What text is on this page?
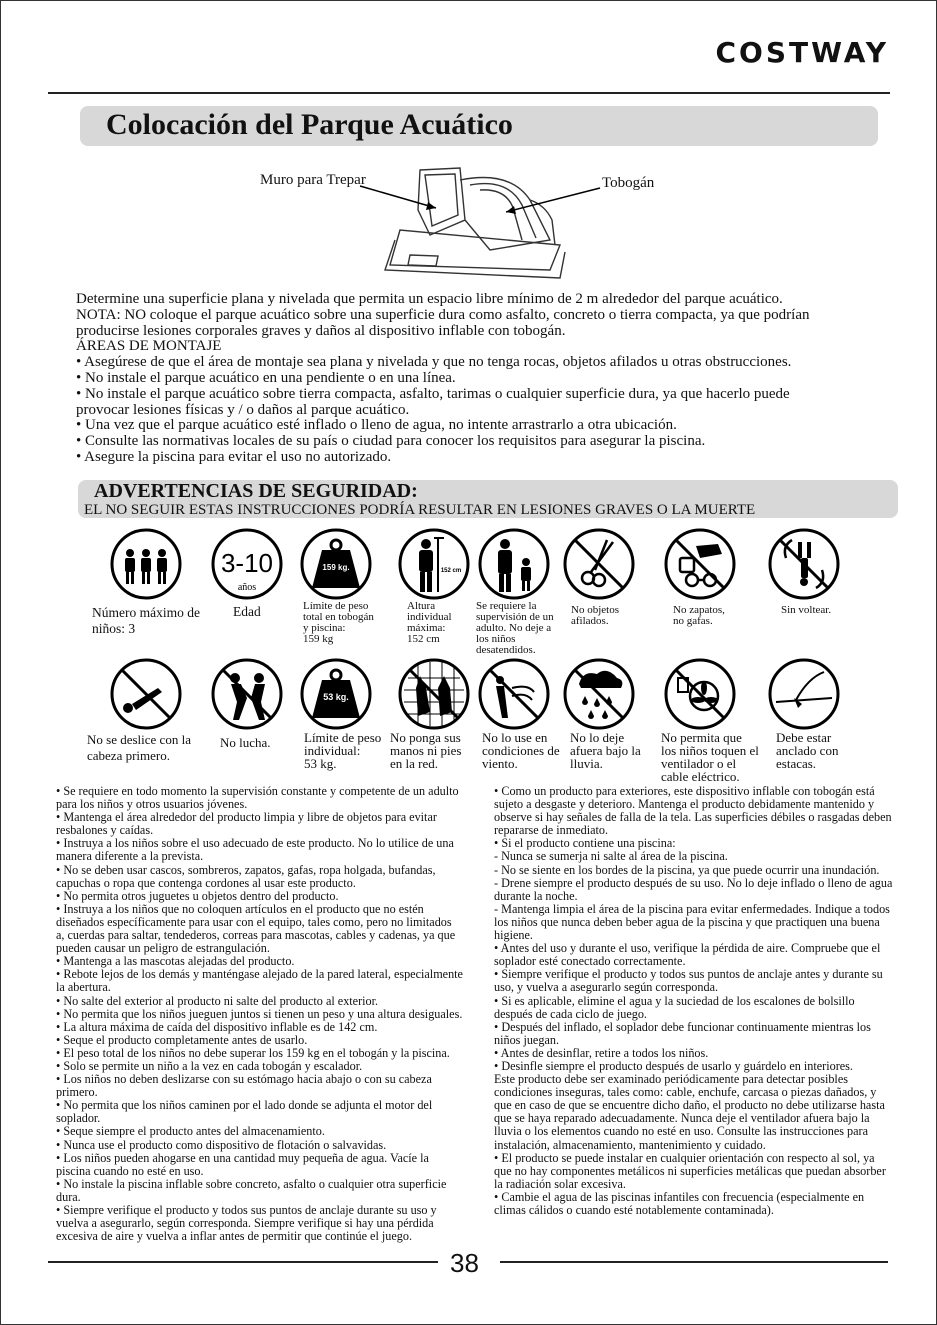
COSTWAY
Colocación del Parque Acuático
Muro para Trepar	Tobogán
Determine una superficie plana y nivelada que permita un espacio libre mínimo de 2 m alrededor del parque acuático.
NOTA: NO coloque el parque acuático sobre una superficie dura como asfalto, concreto o tierra compacta, ya que podrían
producirse lesiones corporales graves y daños al dispositivo inflable con tobogán.
ÁREAS DE MONTAJE
• Asegúrese de que el área de montaje sea plana y nivelada y que no tenga rocas, objetos afilados u otras obstrucciones.
• No instale el parque acuático en una pendiente o en una línea.
• No instale el parque acuático sobre tierra compacta, asfalto, tarimas o cualquier superficie dura, ya que hacerlo puede
provocar lesiones físicas y / o daños al parque acuático.
• Una vez que el parque acuático esté inflado o lleno de agua, no intente arrastrarlo a otra ubicación.
• Consulte las normativas locales de su país o ciudad para conocer los requisitos para asegurar la piscina.
• Asegure la piscina para evitar el uso no autorizado.
ADVERTENCIAS DE SEGURIDAD:
EL NO SEGUIR ESTAS INSTRUCCIONES PODRÍA RESULTAR EN LESIONES GRAVES O LA MUERTE
3-10
años
159 kg.	152 cm
Número máximo de
niños: 3
Edad	Límite de peso
total en tobogán
y piscina:
159 kg
Altura
individual
máxima:
152 cm
Se requiere la
supervisión de un
adulto. No deje a
los niños
desatendidos.
No objetos
afilados.
No zapatos,
no gafas.
Sin voltear.
53 kg.
No se deslice con la
cabeza primero.
No lucha.	Límite de peso
individual:
53 kg.
No ponga sus
manos ni pies
en la red.
No lo use en
condiciones de
viento.
No lo deje
afuera bajo la
lluvia.
No permita que
los niños toquen el
ventilador o el
cable eléctrico.
Debe estar
anclado con
estacas.
• Se requiere en todo momento la supervisión constante y competente de un adulto
para los niños y otros usuarios jóvenes.
• Mantenga el área alrededor del producto limpia y libre de objetos para evitar
resbalones y caídas.
• Instruya a los niños sobre el uso adecuado de este producto. No lo utilice de una
manera diferente a la prevista.
• No se deben usar cascos, sombreros, zapatos, gafas, ropa holgada, bufandas,
capuchas o ropa que contenga cordones al usar este producto.
• No permita otros juguetes u objetos dentro del producto.
• Instruya a los niños que no coloquen artículos en el producto que no estén
diseñados específicamente para usar con el equipo, tales como, pero no limitados
a, cuerdas para saltar, tendederos, correas para mascotas, cables y cadenas, ya que
pueden causar un peligro de estrangulación.
• Mantenga a las mascotas alejadas del producto.
• Rebote lejos de los demás y manténgase alejado de la pared lateral, especialmente
la abertura.
• No salte del exterior al producto ni salte del producto al exterior.
• No permita que los niños jueguen juntos si tienen un peso y una altura desiguales.
• La altura máxima de caída del dispositivo inflable es de 142 cm.
• Seque el producto completamente antes de usarlo.
• El peso total de los niños no debe superar los 159 kg en el tobogán y la piscina.
• Solo se permite un niño a la vez en cada tobogán y escalador.
• Los niños no deben deslizarse con su estómago hacia abajo o con su cabeza
primero.
• No permita que los niños caminen por el lado donde se adjunta el motor del
soplador.
• Seque siempre el producto antes del almacenamiento.
• Nunca use el producto como dispositivo de flotación o salvavidas.
• Los niños pueden ahogarse en una cantidad muy pequeña de agua. Vacíe la
piscina cuando no esté en uso.
• No instale la piscina inflable sobre concreto, asfalto o cualquier otra superficie
dura.
• Siempre verifique el producto y todos sus puntos de anclaje durante su uso y
vuelva a asegurarlo, según corresponda. Siempre verifique si hay una pérdida
excesiva de aire y vuelva a inflar antes de permitir que continúe el juego.
• Como un producto para exteriores, este dispositivo inflable con tobogán está
sujeto a desgaste y deterioro. Mantenga el producto debidamente mantenido y
observe si hay señales de falla de la tela. Las superficies débiles o rasgadas deben
repararse de inmediato.
• Si el producto contiene una piscina:
- Nunca se sumerja ni salte al área de la piscina.
- No se siente en los bordes de la piscina, ya que puede ocurrir una inundación.
- Drene siempre el producto después de su uso. No lo deje inflado o lleno de agua
durante la noche.
- Mantenga limpia el área de la piscina para evitar enfermedades. Indique a todos
los niños que nunca deben beber agua de la piscina y que practiquen una buena
higiene.
• Antes del uso y durante el uso, verifique la pérdida de aire. Compruebe que el
soplador esté conectado correctamente.
• Siempre verifique el producto y todos sus puntos de anclaje antes y durante su
uso, y vuelva a asegurarlo según corresponda.
• Si es aplicable, elimine el agua y la suciedad de los escalones de bolsillo
después de cada ciclo de juego.
• Después del inflado, el soplador debe funcionar continuamente mientras los
niños juegan.
• Antes de desinflar, retire a todos los niños.
• Desinfle siempre el producto después de usarlo y guárdelo en interiores.
Este producto debe ser examinado periódicamente para detectar posibles
condiciones inseguras, tales como: cable, enchufe, carcasa o piezas dañados, y
que en caso de que se encuentre dicho daño, el producto no debe utilizarse hasta
que se haya reparado adecuadamente. Nunca deje el ventilador afuera bajo la
lluvia o los elementos cuando no esté en uso. Consulte las instrucciones para
instalación, almacenamiento, mantenimiento y cuidado.
• El producto se puede instalar en cualquier orientación con respecto al sol, ya
que no hay componentes metálicos ni superficies metálicas que puedan absorber
la radiación solar excesiva.
• Cambie el agua de las piscinas infantiles con frecuencia (especialmente en
climas cálidos o cuando esté notablemente contaminada).
38
